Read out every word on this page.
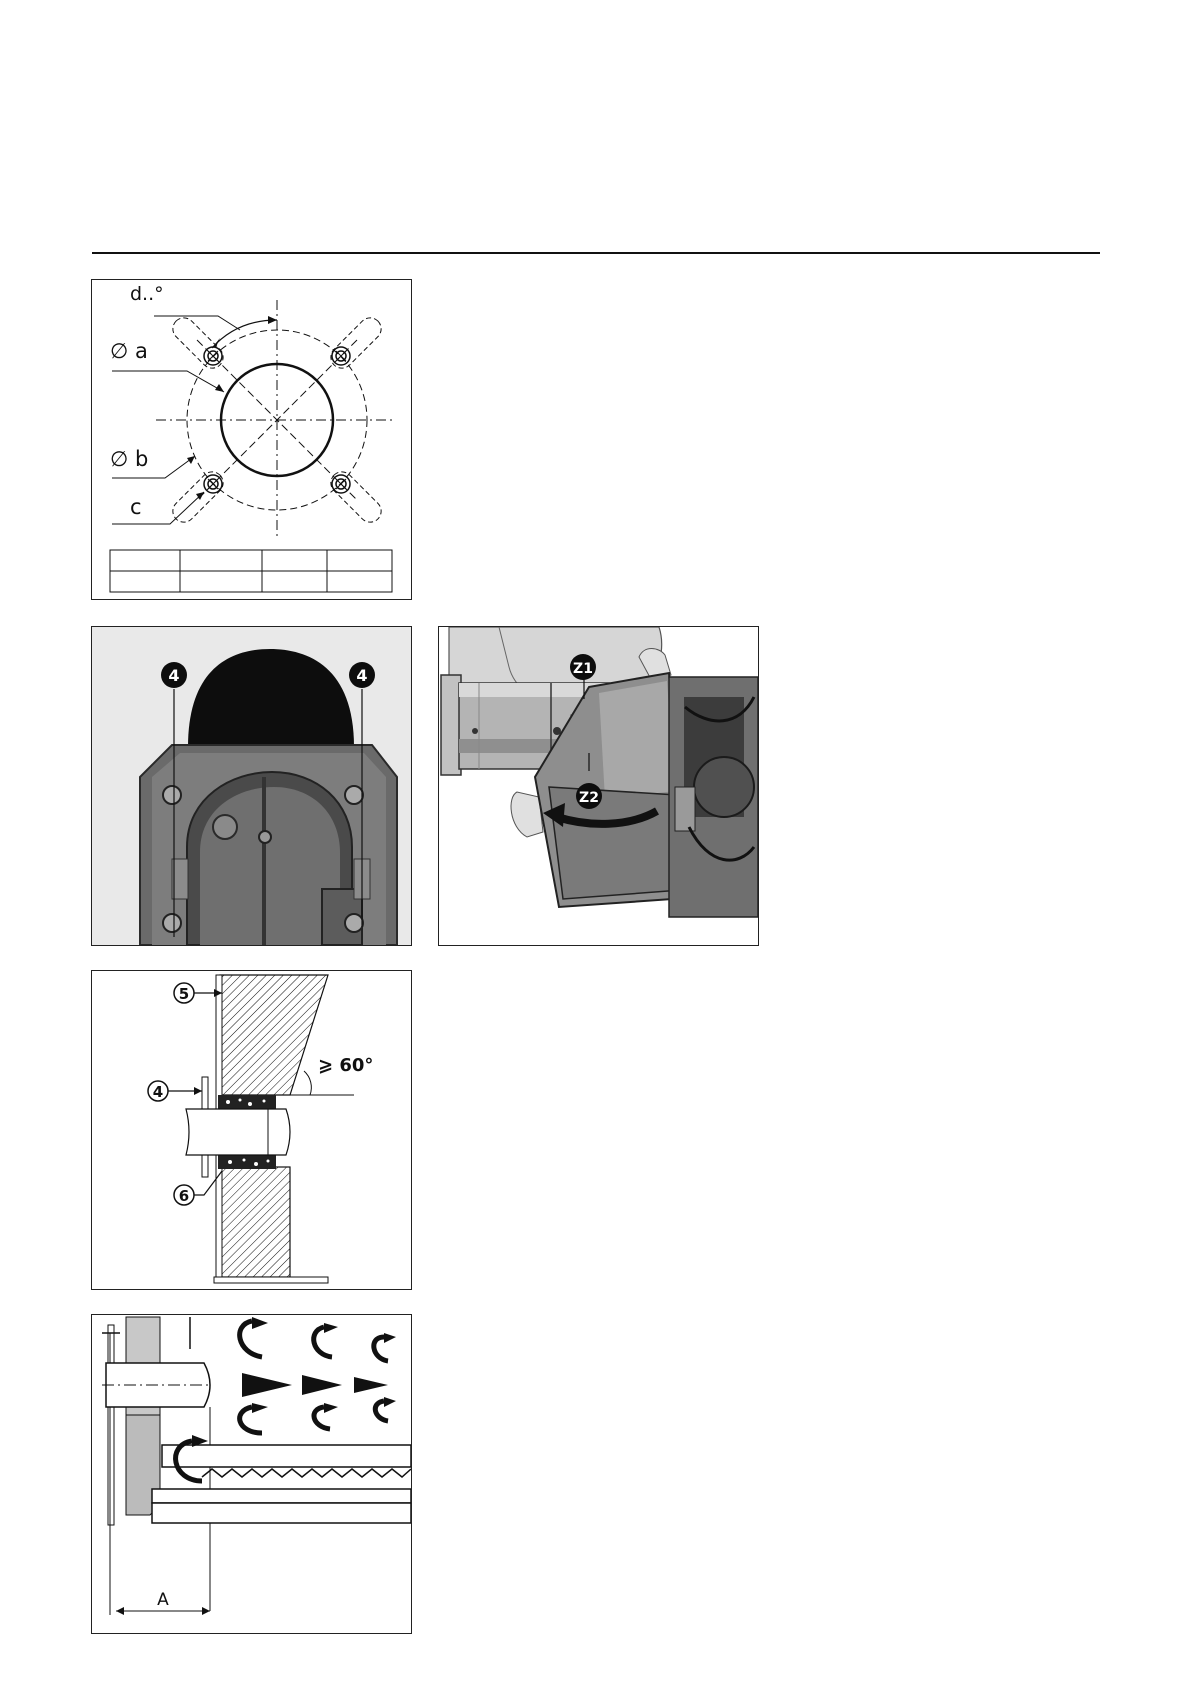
d..°
∅ a
∅ b
c
4	4	Z1
Z2
⩾ 60°
5
4
6
A
